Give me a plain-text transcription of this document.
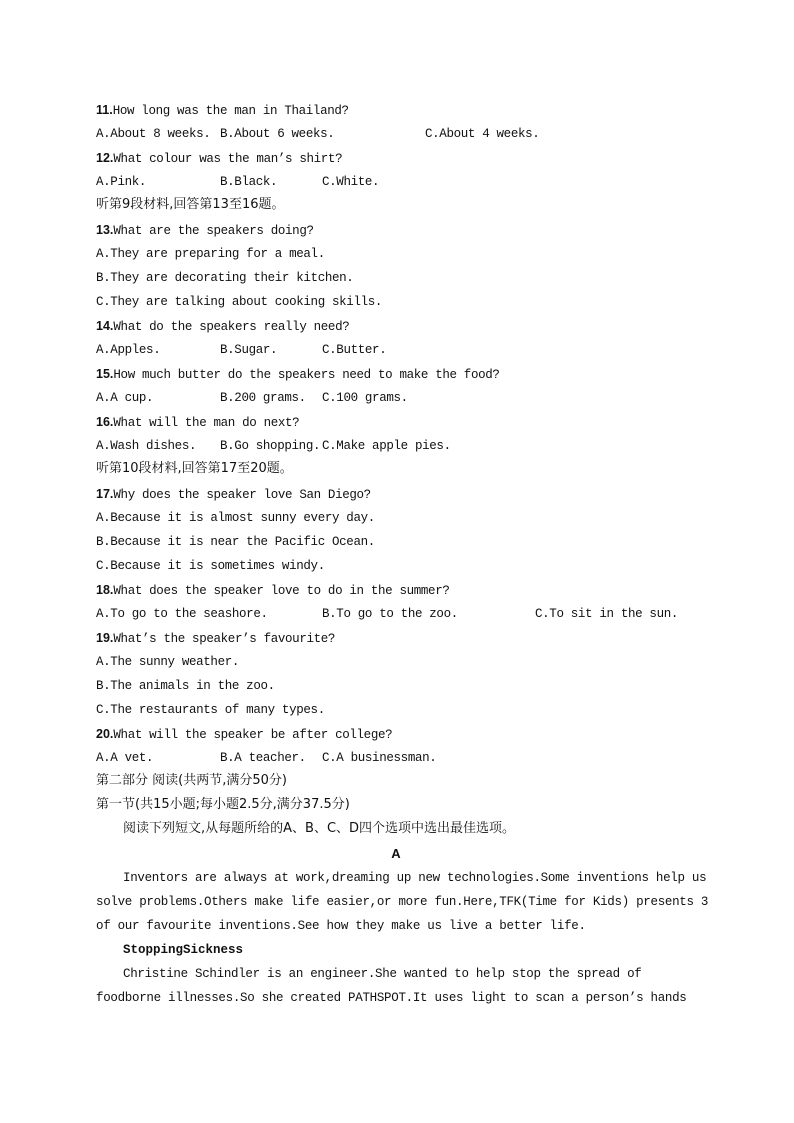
11.How long was the man in Thailand?
A.About 8 weeks. B.About 6 weeks.	C.About 4 weeks.
12.What colour was the man’s shirt?
A.Pink.	B.Black.	C.White.
听第9段材料,回答第13至16题。
13.What are the speakers doing?
A.They are preparing for a meal.
B.They are decorating their kitchen.
C.They are talking about cooking skills.
14.What do the speakers really need?
A.Apples.	B.Sugar.	C.Butter.
15.How much butter do the speakers need to make the food?
A.A cup.	B.200 grams. C.100 grams.
16.What will the man do next?
A.Wash dishes. B.Go shopping. C.Make apple pies.
听第10段材料,回答第17至20题。
17.Why does the speaker love San Diego?
A.Because it is almost sunny every day.
B.Because it is near the Pacific Ocean.
C.Because it is sometimes windy.
18.What does the speaker love to do in the summer?
A.To go to the seashore.	B.To go to the zoo.	C.To sit in the sun.
19.What’s the speaker’s favourite?
A.The sunny weather.
B.The animals in the zoo.
C.The restaurants of many types.
20.What will the speaker be after college?
A.A vet.	B.A teacher. C.A businessman.
第二部分 阅读(共两节,满分50分)
第一节(共15小题;每小题2.5分,满分37.5分)
阅读下列短文,从每题所给的A、B、C、D四个选项中选出最佳选项。
A
Inventors are always at work,dreaming up new technologies.Some inventions help us
solve problems.Others make life easier,or more fun.Here,TFK(Time for Kids) presents 3
of our favourite inventions.See how they make us live a better life.
StoppingSickness
Christine Schindler is an engineer.She wanted to help stop the spread of
foodborne illnesses.So she created PATHSPOT.It uses light to scan a person’s hands
